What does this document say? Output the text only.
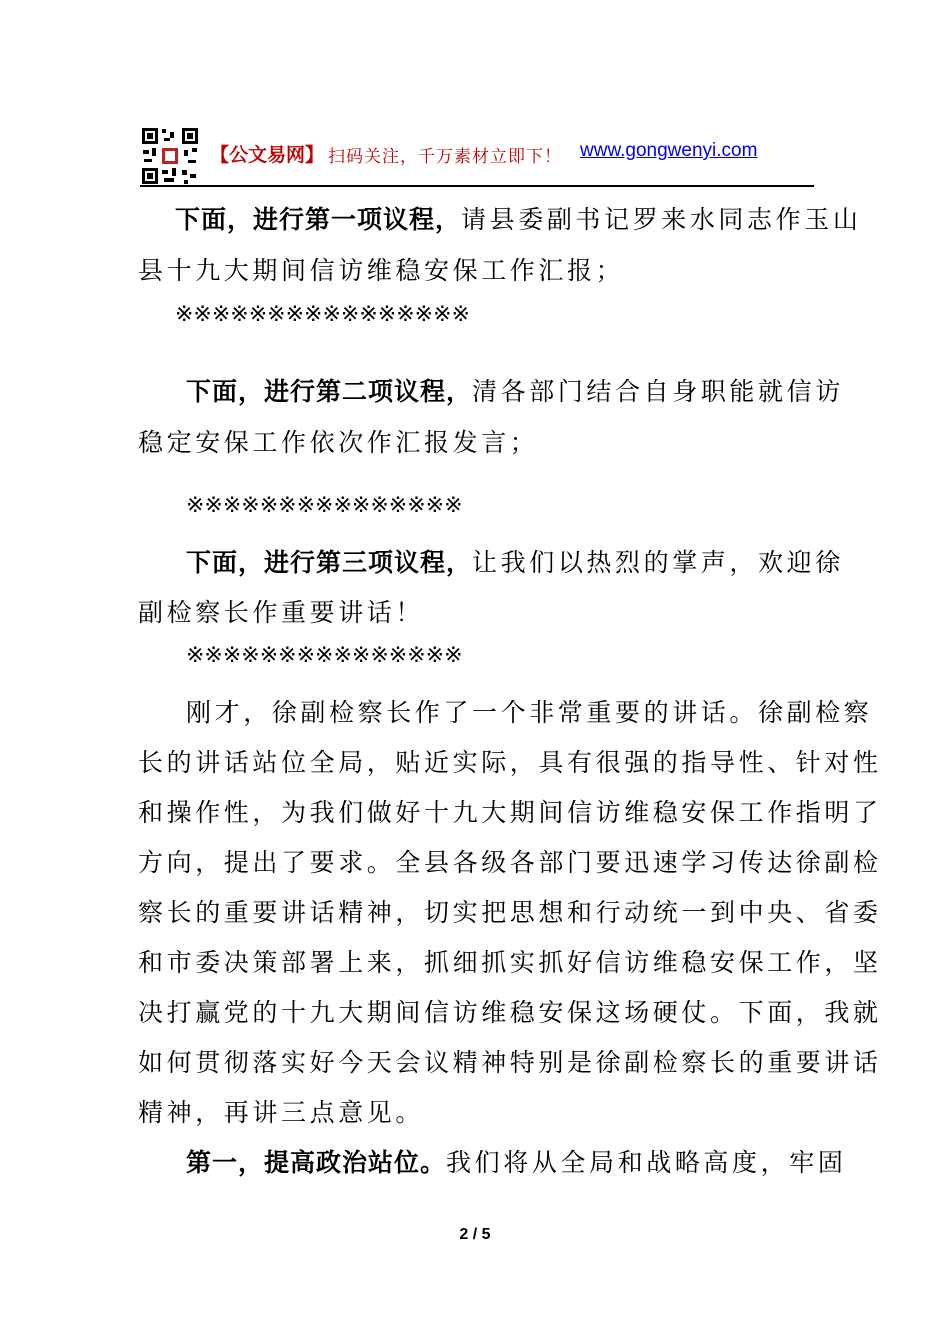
【公文易网】 扫码关注，千万素材立即下！ www.gongwenyi.com
下面，进行第一项议程，请县委副书记罗来水同志作玉山
县十九大期间信访维稳安保工作汇报；
※※※※※※※※※※※※※※※※
下面，进行第二项议程，清各部门结合自身职能就信访
稳定安保工作依次作汇报发言；
※※※※※※※※※※※※※※※
下面，进行第三项议程，让我们以热烈的掌声，欢迎徐
副检察长作重要讲话！
※※※※※※※※※※※※※※※
刚才，徐副检察长作了一个非常重要的讲话。徐副检察
长的讲话站位全局，贴近实际，具有很强的指导性、针对性
和操作性，为我们做好十九大期间信访维稳安保工作指明了
方向，提出了要求。全县各级各部门要迅速学习传达徐副检
察长的重要讲话精神，切实把思想和行动统一到中央、省委
和市委决策部署上来，抓细抓实抓好信访维稳安保工作，坚
决打赢党的十九大期间信访维稳安保这场硬仗。下面，我就
如何贯彻落实好今天会议精神特别是徐副检察长的重要讲话
精神，再讲三点意见。
第一，提高政治站位。我们将从全局和战略高度，牢固
2 / 5
